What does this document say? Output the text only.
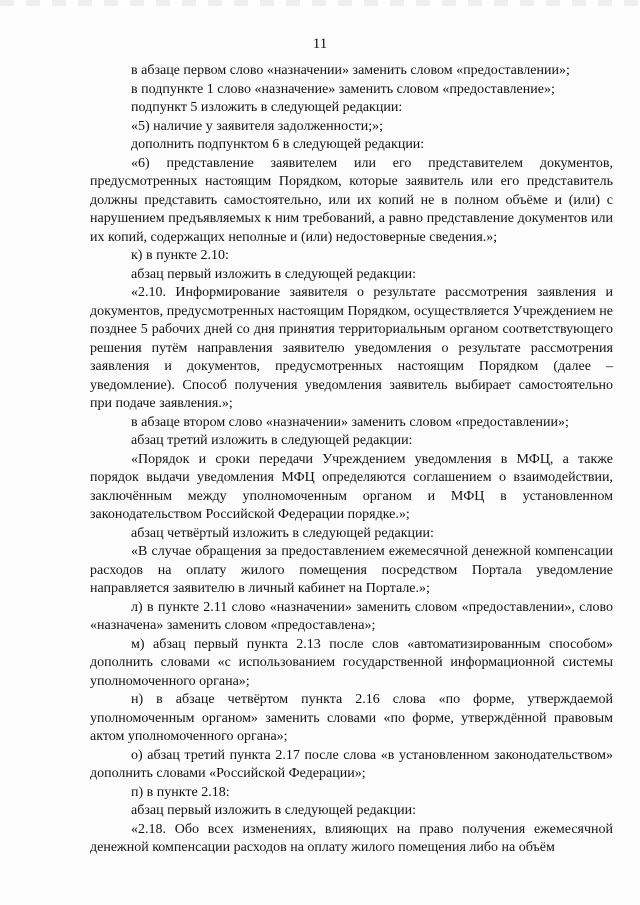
11

в абзаце первом слово «назначении» заменить словом «предоставлении»;

в подпункте 1 слово «назначение» заменить словом «предоставление»;

подпункт 5 изложить в следующей редакции:

«5) наличие у заявителя задолженности;»;

дополнить подпунктом 6 в следующей редакции:

«6) представление заявителем или его представителем документов, предусмотренных настоящим Порядком, которые заявитель или его представитель должны представить самостоятельно, или их копий не в полном объёме и (или) с нарушением предъявляемых к ним требований, а равно представление документов или их копий, содержащих неполные и (или) недостоверные сведения.»;

к) в пункте 2.10:

абзац первый изложить в следующей редакции:

«2.10. Информирование заявителя о результате рассмотрения заявления и документов, предусмотренных настоящим Порядком, осуществляется Учреждением не позднее 5 рабочих дней со дня принятия территориальным органом соответствующего решения путём направления заявителю уведомления о результате рассмотрения заявления и документов, предусмотренных настоящим Порядком (далее – уведомление). Способ получения уведомления заявитель выбирает самостоятельно при подаче заявления.»;

в абзаце втором слово «назначении» заменить словом «предоставлении»;

абзац третий изложить в следующей редакции:

«Порядок и сроки передачи Учреждением уведомления в МФЦ, а также порядок выдачи уведомления МФЦ определяются соглашением о взаимодействии, заключённым между уполномоченным органом и МФЦ в установленном законодательством Российской Федерации порядке.»;

абзац четвёртый изложить в следующей редакции:

«В случае обращения за предоставлением ежемесячной денежной компенсации расходов на оплату жилого помещения посредством Портала уведомление направляется заявителю в личный кабинет на Портале.»;

л) в пункте 2.11 слово «назначении» заменить словом «предоставлении», слово «назначена» заменить словом «предоставлена»;

м) абзац первый пункта 2.13 после слов «автоматизированным способом» дополнить словами «с использованием государственной информационной системы уполномоченного органа»;

н) в абзаце четвёртом пункта 2.16 слова «по форме, утверждаемой уполномоченным органом» заменить словами «по форме, утверждённой правовым актом уполномоченного органа»;

о) абзац третий пункта 2.17 после слова «в установленном законодательством» дополнить словами «Российской Федерации»;

п) в пункте 2.18:

абзац первый изложить в следующей редакции:

«2.18. Обо всех изменениях, влияющих на право получения ежемесячной денежной компенсации расходов на оплату жилого помещения либо на объём
